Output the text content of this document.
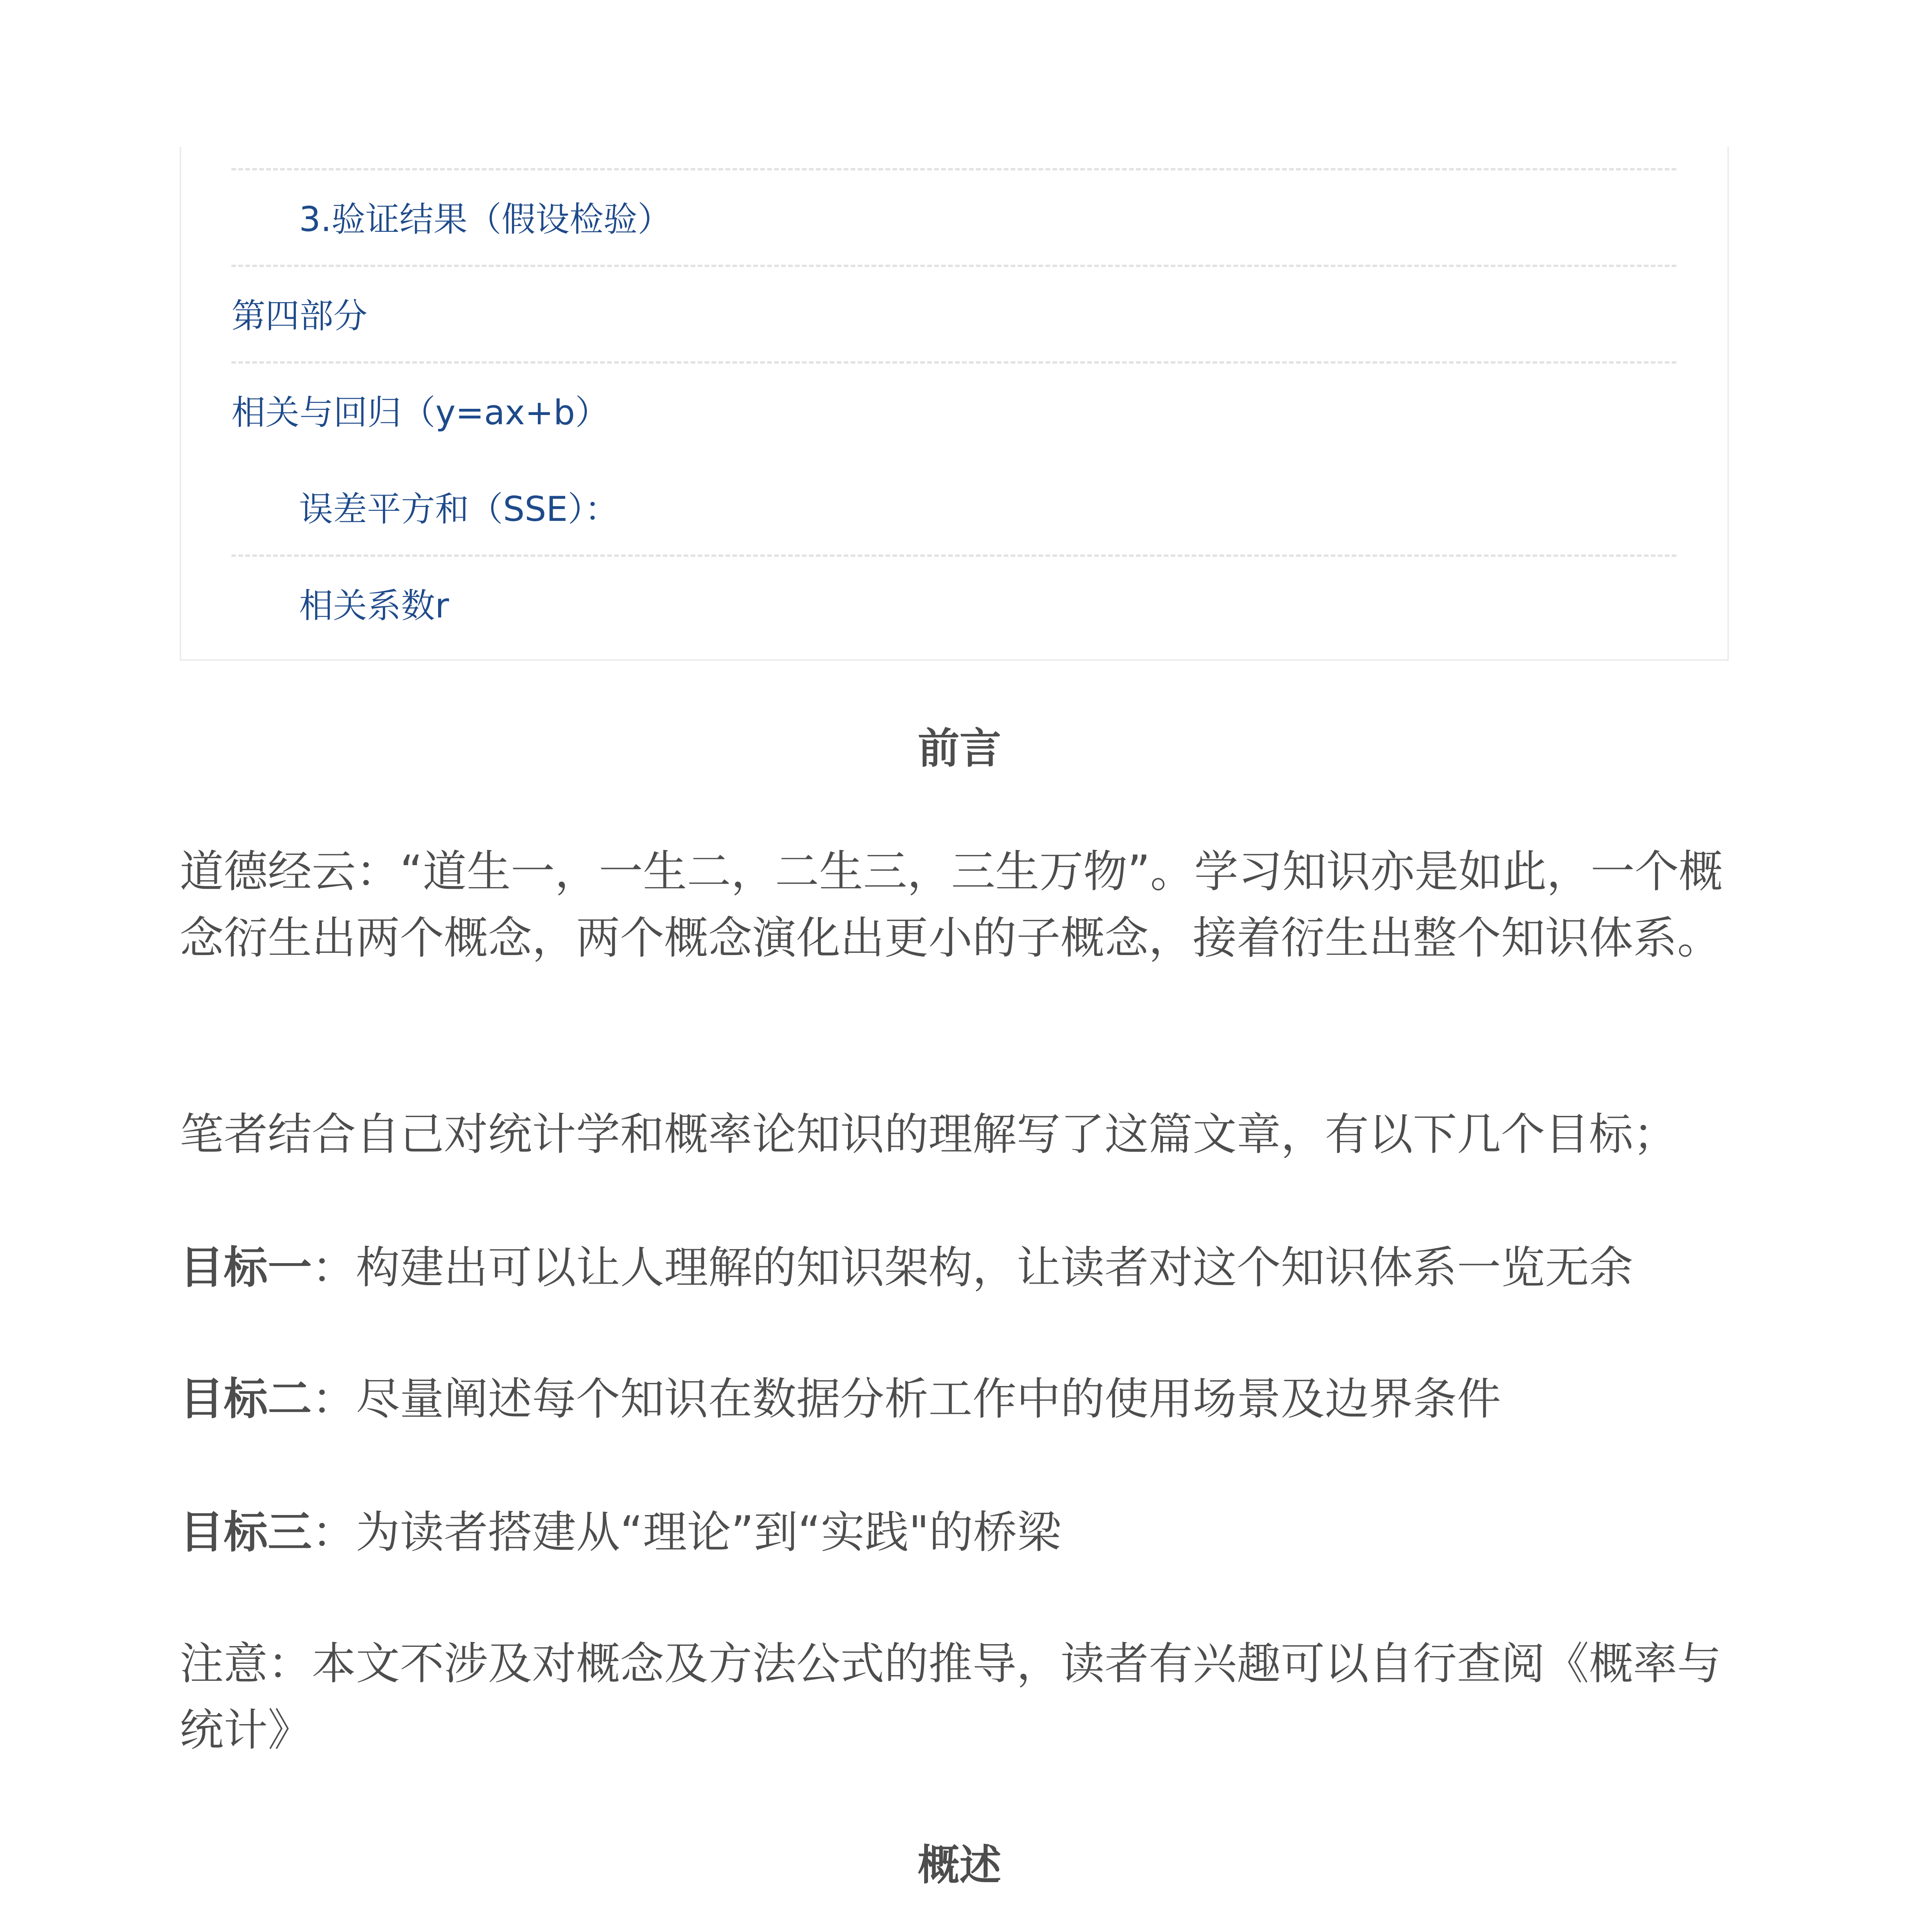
3.验证结果（假设检验）
第四部分
相关与回归（y=ax+b）
误差平方和（SSE）：
相关系数r
前言
道德经云：“道生一，一生二，二生三，三生万物”。学习知识亦是如此，一个概念衍生出两个概念，两个概念演化出更小的子概念，接着衍生出整个知识体系。
笔者结合自己对统计学和概率论知识的理解写了这篇文章，有以下几个目标；
目标一：构建出可以让人理解的知识架构，让读者对这个知识体系一览无余
目标二：尽量阐述每个知识在数据分析工作中的使用场景及边界条件
目标三：为读者搭建从“理论”到“实践"的桥梁
注意：本文不涉及对概念及方法公式的推导，读者有兴趣可以自行查阅《概率与统计》
概述
